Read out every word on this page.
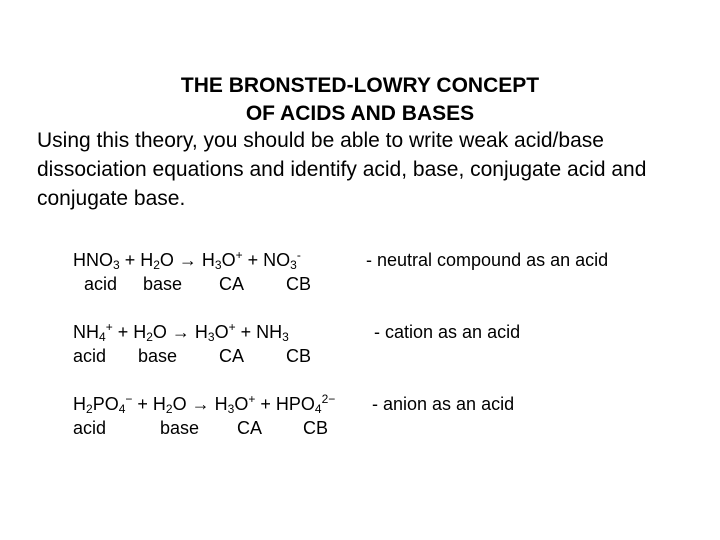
THE BRONSTED-LOWRY CONCEPT
OF ACIDS AND BASES

Using this theory, you should be able to write weak acid/base dissociation equations and identify acid, base, conjugate acid and conjugate base.

$HNO_3 + H_2O \to H_3O^+ + NO_3^-$
acid base CA CB
- neutral compound as an acid
$NH_4^+ + H_2O \to H_3O^+ + NH_3$
acid base CA CB
- cation as an acid
$H_2PO_4^- + H_2O \to H_3O^+ + HPO_4^{2-}$
acid	base CA CB
- anion as an acid
